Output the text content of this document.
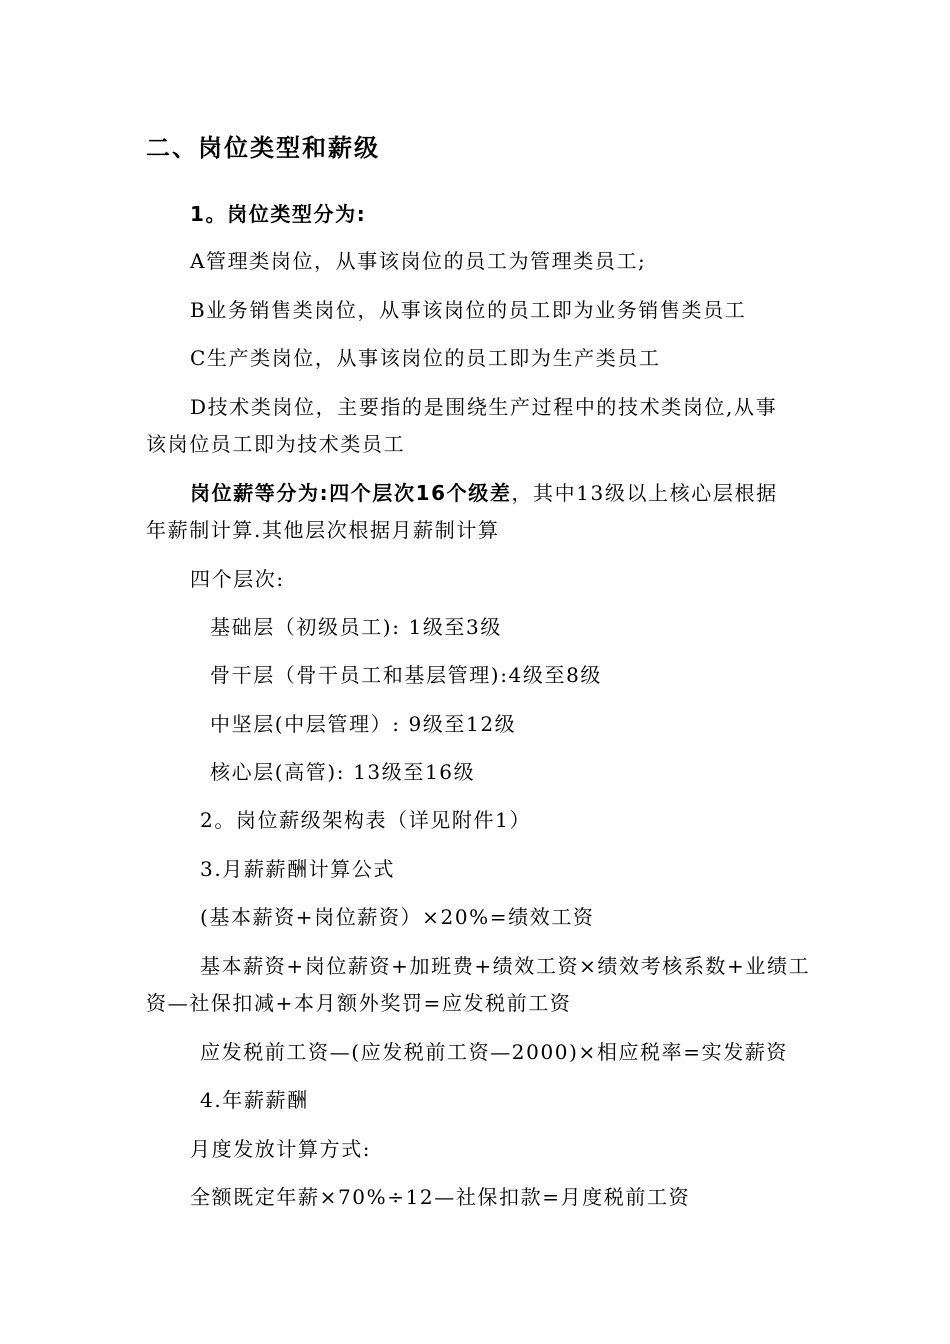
二、岗位类型和薪级
1。岗位类型分为:
A管理类岗位，从事该岗位的员工为管理类员工;
B业务销售类岗位，从事该岗位的员工即为业务销售类员工
C生产类岗位，从事该岗位的员工即为生产类员工
D技术类岗位，主要指的是围绕生产过程中的技术类岗位,从事
该岗位员工即为技术类员工
岗位薪等分为:四个层次16个级差，其中13级以上核心层根据
年薪制计算.其他层次根据月薪制计算
四个层次:
基础层（初级员工): 1级至3级
骨干层（骨干员工和基层管理):4级至8级
中坚层(中层管理）: 9级至12级
核心层(高管): 13级至16级
2。岗位薪级架构表（详见附件1）
3.月薪薪酬计算公式
(基本薪资+岗位薪资）×20%=绩效工资
基本薪资+岗位薪资+加班费+绩效工资×绩效考核系数+业绩工
资—社保扣减+本月额外奖罚=应发税前工资
应发税前工资—(应发税前工资—2000)×相应税率=实发薪资
4.年薪薪酬
月度发放计算方式:
全额既定年薪×70%÷12—社保扣款=月度税前工资
